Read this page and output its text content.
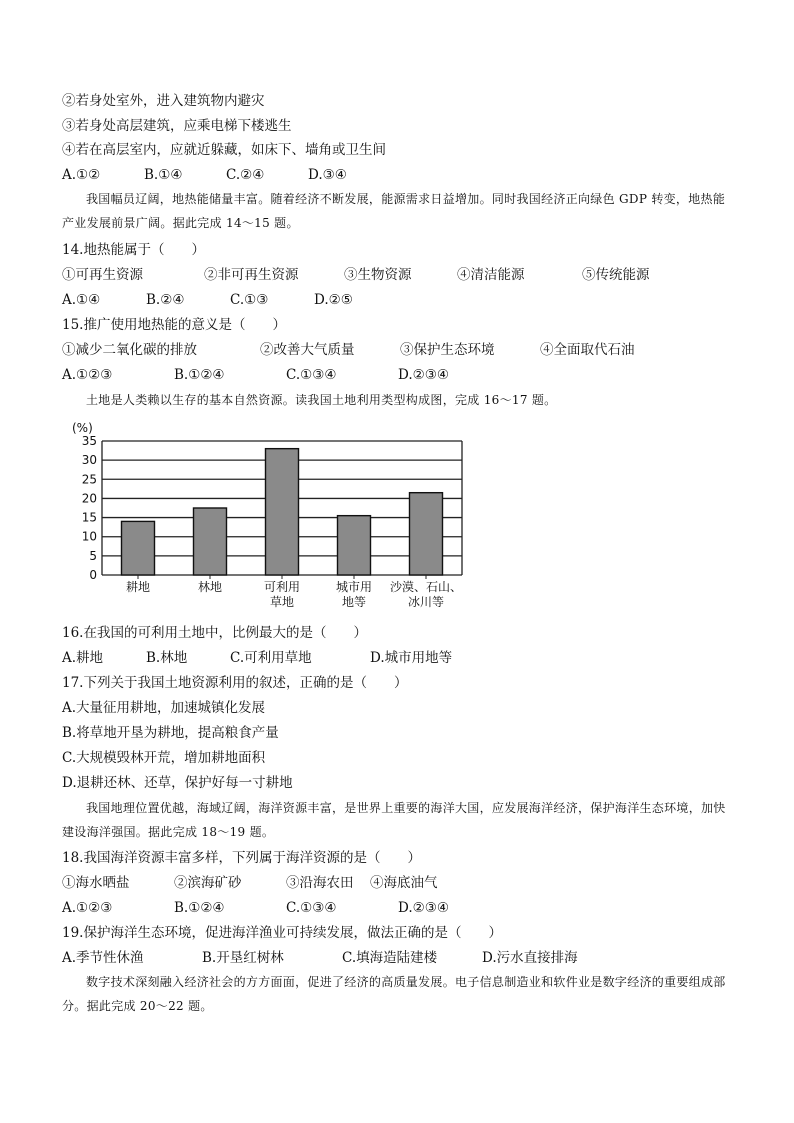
②若身处室外，进入建筑物内避灾
③若身处高层建筑，应乘电梯下楼逃生
④若在高层室内，应就近躲藏，如床下、墙角或卫生间
A.①②	B.①④	C.②④	D.③④
我国幅员辽阔，地热能储量丰富。随着经济不断发展，能源需求日益增加。同时我国经济正向绿色 GDP 转变，地热能产业发展前景广阔。据此完成 14～15 题。
14.地热能属于（　　）
①可再生资源	②非可再生资源	③生物资源	④清洁能源	⑤传统能源
A.①④	B.②④	C.①③	D.②⑤
15.推广使用地热能的意义是（　　）
①减少二氧化碳的排放	②改善大气质量	③保护生态环境	④全面取代石油
A.①②③	B.①②④	C.①③④	D.②③④
土地是人类赖以生存的基本自然资源。读我国土地利用类型构成图，完成 16～17 题。
0
5
10
15
20
25
30
35
耕地	林地	可利用
草地
城市用
地等
沙漠、石山、
冰川等
(%)
16.在我国的可利用土地中，比例最大的是（　　）
A.耕地	B.林地	C.可利用草地	D.城市用地等
17.下列关于我国土地资源利用的叙述，正确的是（　　）
A.大量征用耕地，加速城镇化发展
B.将草地开垦为耕地，提高粮食产量
C.大规模毁林开荒，增加耕地面积
D.退耕还林、还草，保护好每一寸耕地
我国地理位置优越，海域辽阔，海洋资源丰富，是世界上重要的海洋大国，应发展海洋经济，保护海洋生态环境，加快建设海洋强国。据此完成 18～19 题。
18.我国海洋资源丰富多样，下列属于海洋资源的是（　　）
①海水晒盐	②滨海矿砂	③沿海农田 ④海底油气
A.①②③	B.①②④	C.①③④	D.②③④
19.保护海洋生态环境，促进海洋渔业可持续发展，做法正确的是（　　）
A.季节性休渔	B.开垦红树林	C.填海造陆建楼	D.污水直接排海
数字技术深刻融入经济社会的方方面面，促进了经济的高质量发展。电子信息制造业和软件业是数字经济的重要组成部分。据此完成 20～22 题。
